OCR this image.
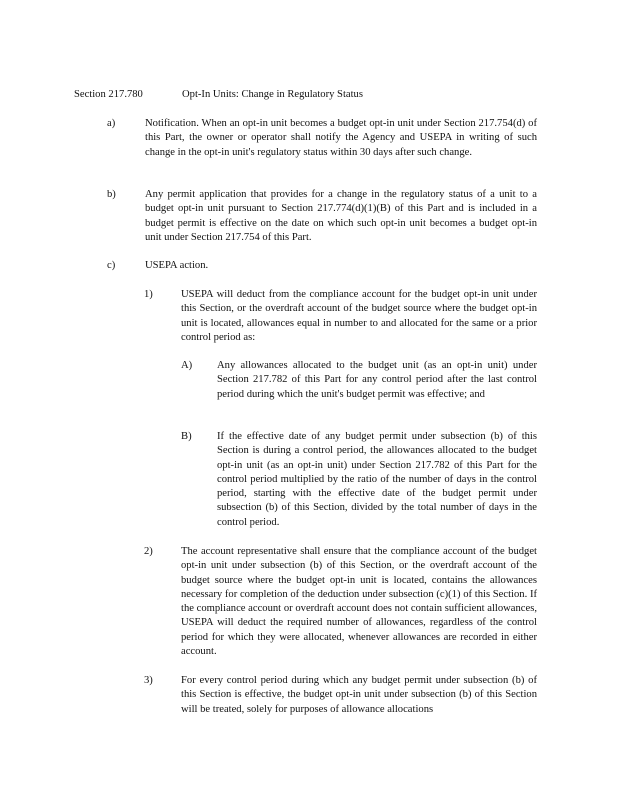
Section 217.780	Opt-In Units: Change in Regulatory Status
a)	Notification. When an opt-in unit becomes a budget opt-in unit under Section 217.754(d) of this Part, the owner or operator shall notify the Agency and USEPA in writing of such change in the opt-in unit's regulatory status within 30 days after such change.
b)	Any permit application that provides for a change in the regulatory status of a unit to a budget opt-in unit pursuant to Section 217.774(d)(1)(B) of this Part and is included in a budget permit is effective on the date on which such opt-in unit becomes a budget opt-in unit under Section 217.754 of this Part.
c)	USEPA action.
1)	USEPA will deduct from the compliance account for the budget opt-in unit under this Section, or the overdraft account of the budget source where the budget opt-in unit is located, allowances equal in number to and allocated for the same or a prior control period as:
A) Any allowances allocated to the budget unit (as an opt-in unit) under Section 217.782 of this Part for any control period after the last control period during which the unit's budget permit was effective; and
B) If the effective date of any budget permit under subsection (b) of this Section is during a control period, the allowances allocated to the budget opt-in unit (as an opt-in unit) under Section 217.782 of this Part for the control period multiplied by the ratio of the number of days in the control period, starting with the effective date of the budget permit under subsection (b) of this Section, divided by the total number of days in the control period.
2)	The account representative shall ensure that the compliance account of the budget opt-in unit under subsection (b) of this Section, or the overdraft account of the budget source where the budget opt-in unit is located, contains the allowances necessary for completion of the deduction under subsection (c)(1) of this Section. If the compliance account or overdraft account does not contain sufficient allowances, USEPA will deduct the required number of allowances, regardless of the control period for which they were allocated, whenever allowances are recorded in either account.
3)	For every control period during which any budget permit under subsection (b) of this Section is effective, the budget opt-in unit under subsection (b) of this Section will be treated, solely for purposes of allowance allocations
